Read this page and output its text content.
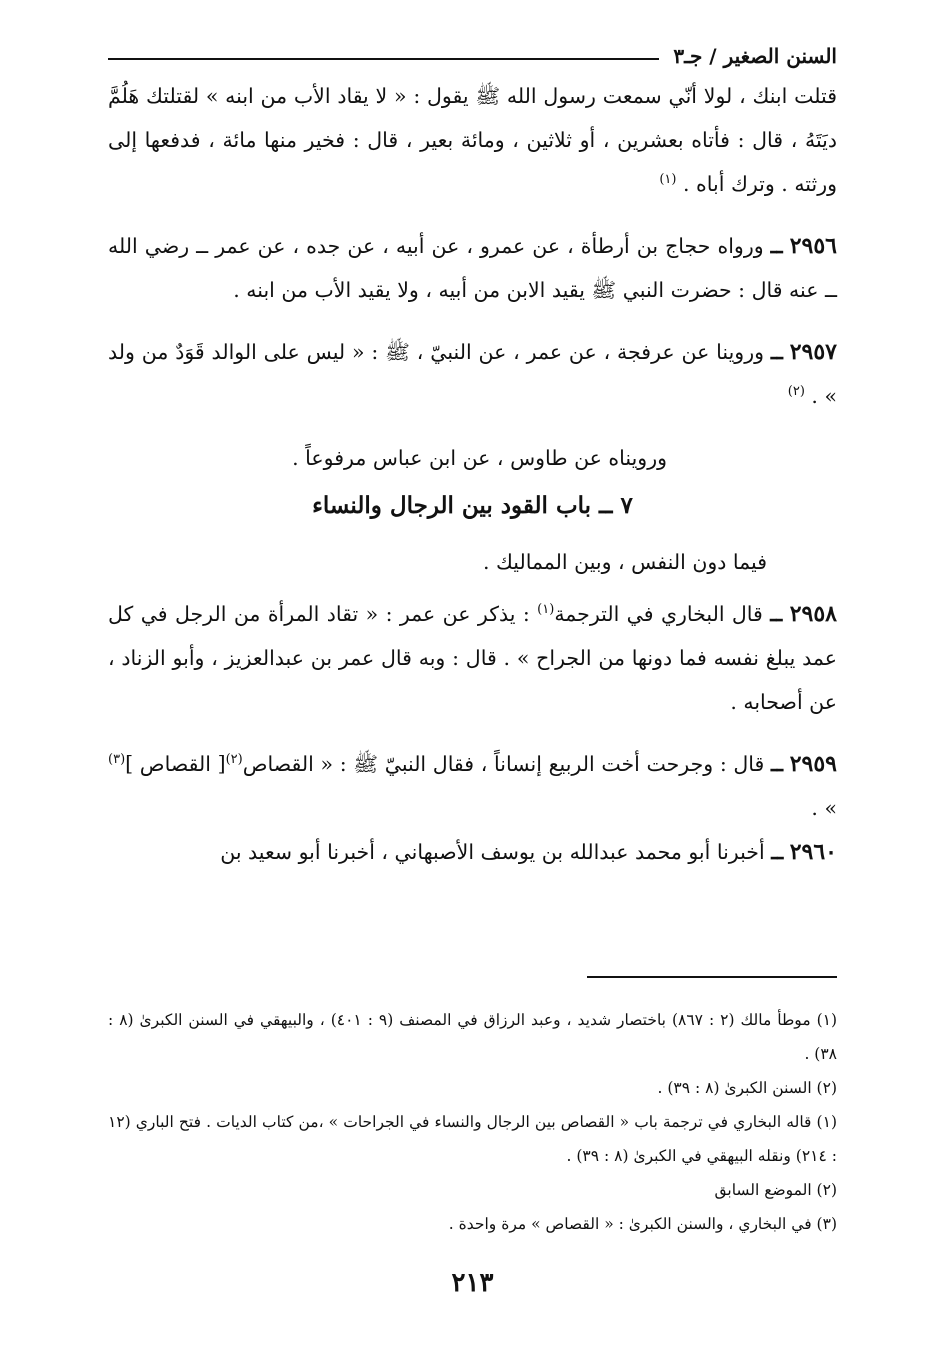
السنن الصغير / جـ٣

قتلت ابنك ، لولا أنّي سمعت رسول الله ﷺ يقول : « لا يقاد الأب من ابنه » لقتلتك هَلُمَّ ديَتَهُ ، قال : فأتاه بعشرين ، أو ثلاثين ، ومائة بعير ، قال : فخير منها مائة ، فدفعها إلى ورثته . وترك أباه . $^{(١)}$

٢٩٥٦ ــ ورواه حجاج بن أرطأة ، عن عمرو ، عن أبيه ، عن جده ، عن عمر ــ رضي الله ــ عنه قال : حضرت النبي ﷺ يقيد الابن من أبيه ، ولا يقيد الأب من ابنه .

٢٩٥٧ ــ وروينا عن عرفجة ، عن عمر ، عن النبيّ ، ﷺ : « ليس على الوالد قَوَدٌ من ولد » . $^{(٢)}$

ورويناه عن طاوس ، عن ابن عباس مرفوعاً .

٧ ــ باب القود بين الرجال والنساء

فيما دون النفس ، وبين المماليك .

٢٩٥٨ ــ قال البخاري في الترجمة$^{(١)}$ : يذكر عن عمر : « تقاد المرأة من الرجل في كل عمد يبلغ نفسه فما دونها من الجراح » . قال : وبه قال عمر بن عبدالعزيز ، وأبو الزناد ، عن أصحابه .

٢٩٥٩ ــ قال : وجرحت أخت الربيع إنساناً ، فقال النبيّ ﷺ : « القصاص$^{(٢)}$[ القصاص ]$^{(٣)}$ » .

٢٩٦٠ ــ أخبرنا أبو محمد عبدالله بن يوسف الأصبهاني ، أخبرنا أبو سعيد بن

(١) موطأ مالك (٢ : ٨٦٧) باختصار شديد ، وعبد الرزاق في المصنف (٩ : ٤٠١) ، والبيهقي في السنن الكبرىٰ (٨ : ٣٨) .

(٢) السنن الكبرىٰ (٨ : ٣٩) .

(١) قاله البخاري في ترجمة باب « القصاص بين الرجال والنساء في الجراحات » ،من كتاب الديات . فتح الباري (١٢ : ٢١٤) ونقله البيهقي في الكبرىٰ (٨ : ٣٩) .

(٢) الموضع السابق

(٣) في البخاري ، والسنن الكبرىٰ : « القصاص » مرة واحدة .

٢١٣
